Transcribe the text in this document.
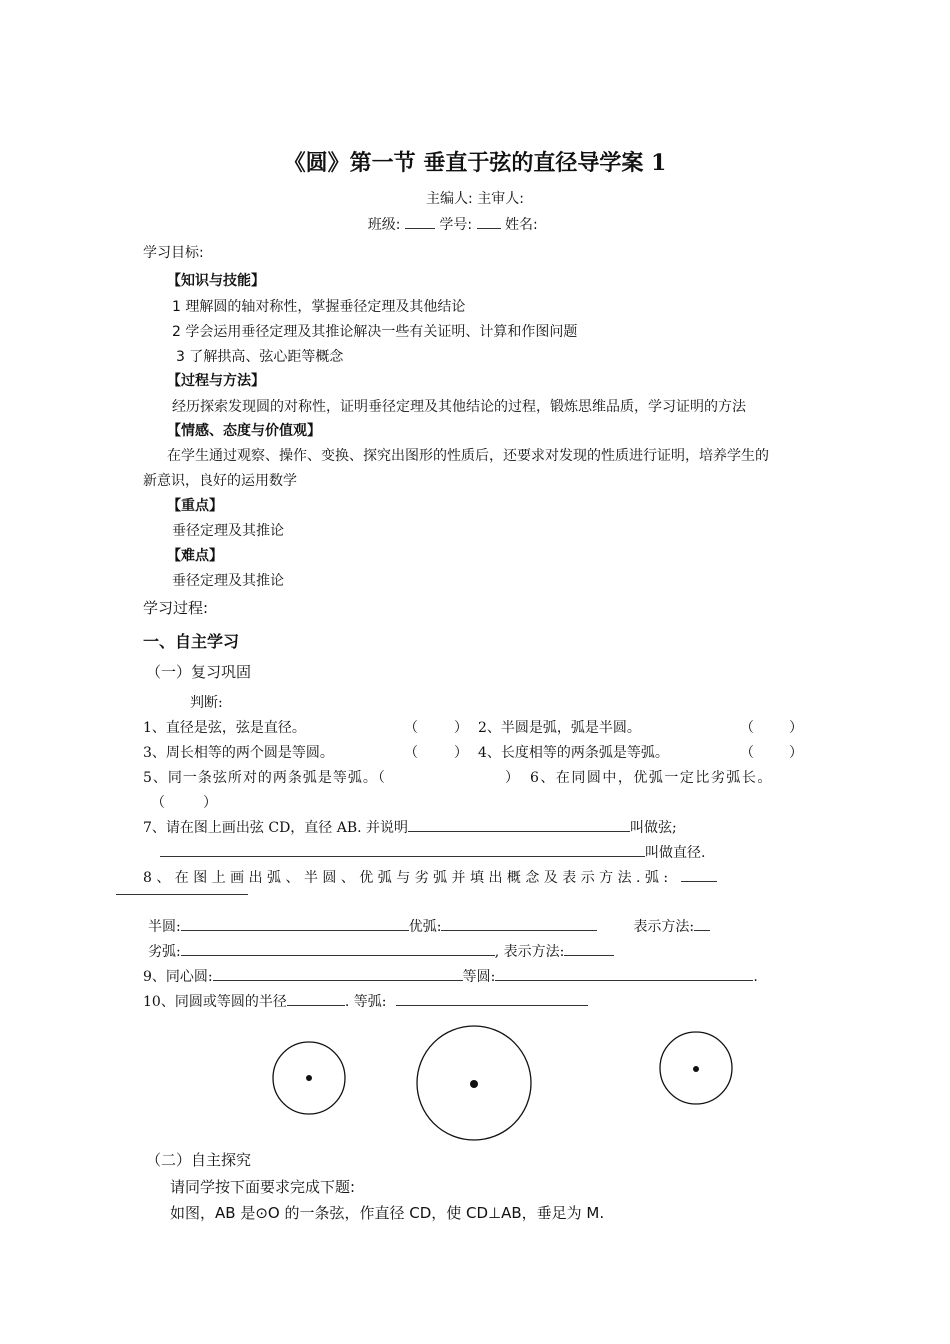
《圆》第一节 垂直于弦的直径导学案 1
主编人: 主审人:
班级:	学号: 姓名:
学习目标:
【知识与技能】
1 理解圆的轴对称性，掌握垂径定理及其他结论
2 学会运用垂径定理及其推论解决一些有关证明、计算和作图问题
3 了解拱高、弦心距等概念
【过程与方法】
经历探索发现圆的对称性，证明垂径定理及其他结论的过程，锻炼思维品质，学习证明的方法
【情感、态度与价值观】
在学生通过观察、操作、变换、探究出图形的性质后，还要求对发现的性质进行证明，培养学生的
新意识，良好的运用数学
【重点】
垂径定理及其推论
【难点】
垂径定理及其推论
学习过程:
一、自主学习
（一）复习巩固
判断:
1、直径是弦，弦是直径。	（	） 2、半圆是弧，弧是半圆。	（	）
3、周长相等的两个圆是等圆。	（	） 4、长度相等的两条弧是等弧。	（	）
5、同一条弦所对的两条弧是等弧。（	） 6、在同圆中，优弧一定比劣弧长。
（	）
7、请在图上画出弦 CD，直径 AB. 并说明	叫做弦;
叫做直径.
8 、 在 图 上 画 出 弧 、 半 圆 、 优 弧 与 劣 弧 并 填 出 概 念 及 表 示 方 法 . 弧 :
半圆:	优弧:	表示方法:
劣弧:	, 表示方法:
9、同心圆:	等圆:	.
10、同圆或等圆的半径	. 等弧:
（二）自主探究
请同学按下面要求完成下题:
如图，AB 是⊙O 的一条弦，作直径 CD，使 CD⊥AB，垂足为 M.
